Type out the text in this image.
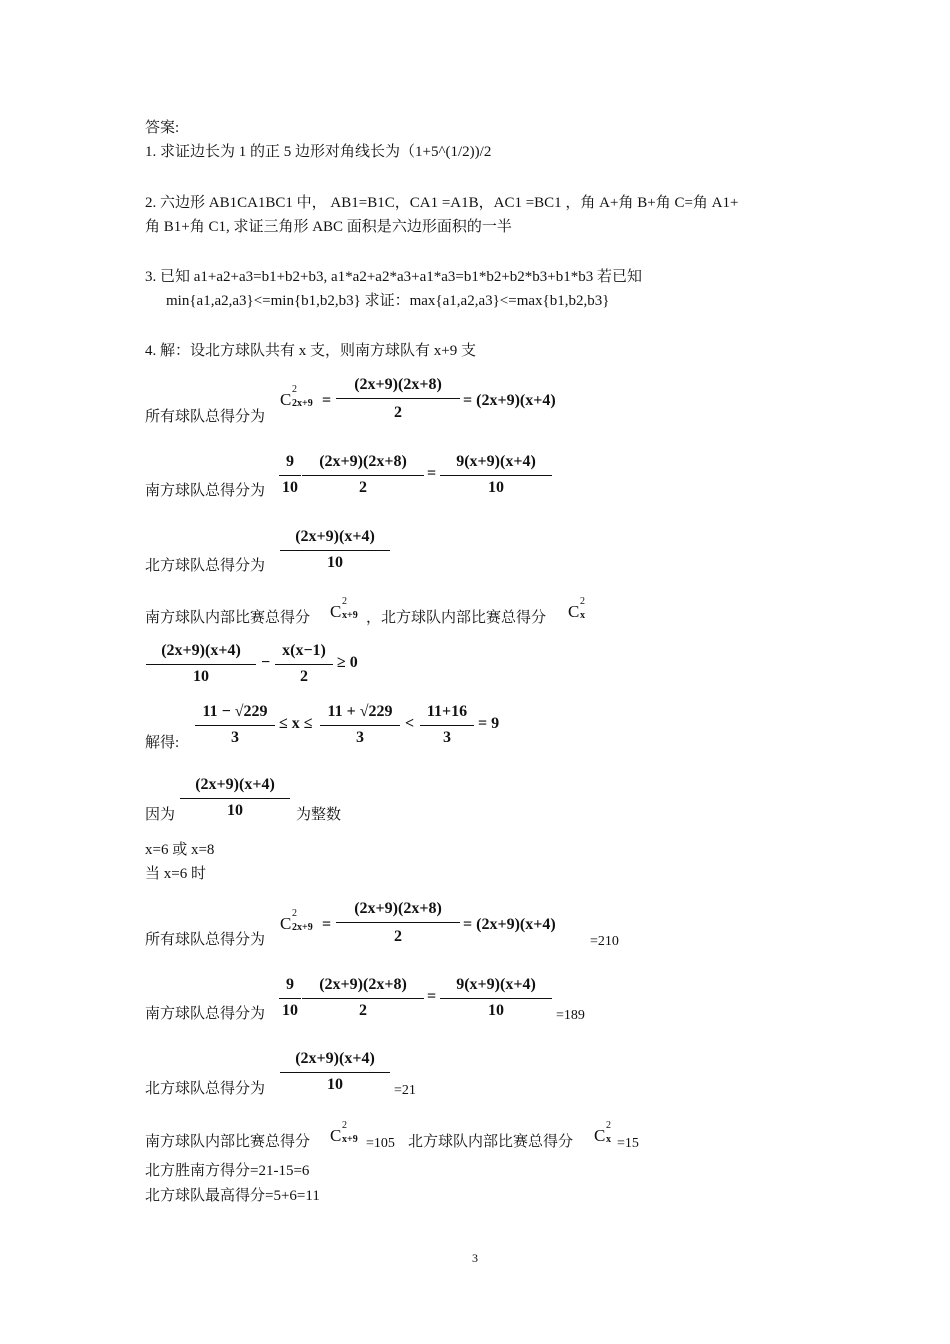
答案:
1. 求证边长为 1 的正 5 边形对角线长为（1+5^(1/2))/2
2. 六边形 AB1CA1BC1 中， AB1=B1C，CA1 =A1B，AC1 =BC1 ，角 A+角 B+角 C=角 A1+
角 B1+角 C1, 求证三角形 ABC 面积是六边形面积的一半
3. 已知 a1+a2+a3=b1+b2+b3, a1*a2+a2*a3+a1*a3=b1*b2+b2*b3+b1*b3 若已知
min{a1,a2,a3}<=min{b1,b2,b3} 求证：max{a1,a2,a3}<=max{b1,b2,b3}
4. 解：设北方球队共有 x 支，则南方球队有 x+9 支
C
2
2x+9 =
(2x+9)(2x+8)
2
= (2x+9)(x+4)
所有球队总得分为
9
10
(2x+9)(2x+8)
2
=
9(x+9)(x+4)
10
南方球队总得分为
(2x+9)(x+4)
10
北方球队总得分为
南方球队内部比赛总得分 C
2
x+9 ，北方球队内部比赛总得分 C
2
x
(2x+9)(x+4)
10
−
x(x−1)
2
≥ 0
11 − √229
3
≤ x ≤
11 + √229
3
<
11+16
3
= 9
解得:
(2x+9)(x+4)
10
因为	为整数
x=6 或 x=8
当 x=6 时
C
2
2x+9 =
(2x+9)(2x+8)
2
= (2x+9)(x+4)
=210
所有球队总得分为
9
10
(2x+9)(2x+8)
2
=
9(x+9)(x+4)
10	=189
南方球队总得分为
(2x+9)(x+4)
10	=21
北方球队总得分为
南方球队内部比赛总得分 C
2
x+9 =105 北方球队内部比赛总得分 C
2
x =15
北方胜南方得分=21-15=6
北方球队最高得分=5+6=11
3
